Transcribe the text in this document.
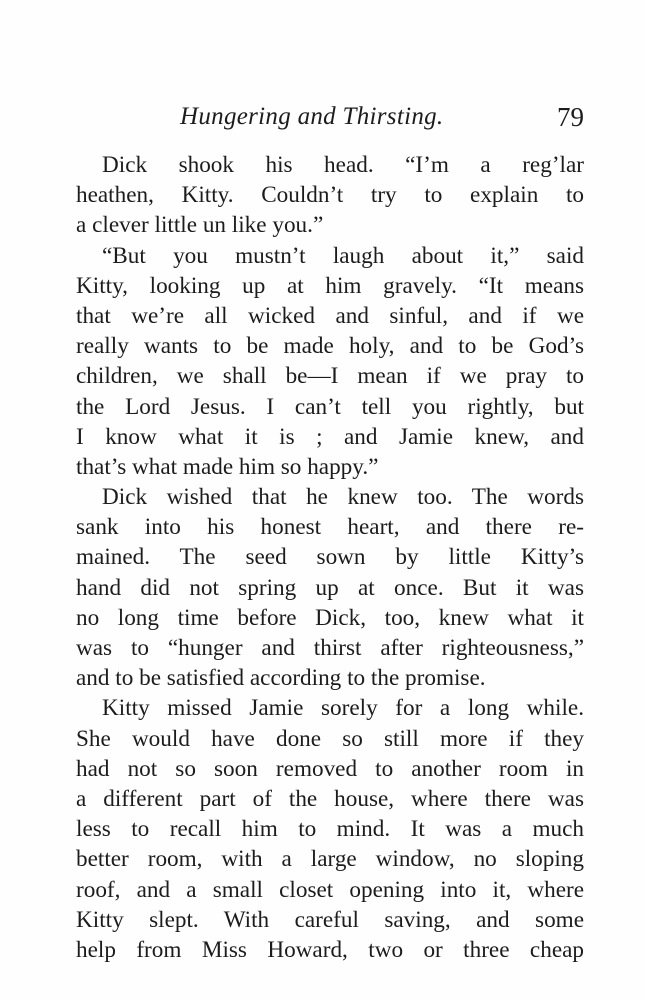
Hungering and Thirsting.	79
Dick shook his head. “I’m a reg’lar
heathen, Kitty. Couldn’t try to explain to
a clever little un like you.”
“But you mustn’t laugh about it,” said
Kitty, looking up at him gravely. “It means
that we’re all wicked and sinful, and if we
really wants to be made holy, and to be God’s
children, we shall be—I mean if we pray to
the Lord Jesus. I can’t tell you rightly, but
I know what it is ; and Jamie knew, and
that’s what made him so happy.”
Dick wished that he knew too. The words
sank into his honest heart, and there re-
mained. The seed sown by little Kitty’s
hand did not spring up at once. But it was
no long time before Dick, too, knew what it
was to “hunger and thirst after righteousness,”
and to be satisfied according to the promise.
Kitty missed Jamie sorely for a long while.
She would have done so still more if they
had not so soon removed to another room in
a different part of the house, where there was
less to recall him to mind. It was a much
better room, with a large window, no sloping
roof, and a small closet opening into it, where
Kitty slept. With careful saving, and some
help from Miss Howard, two or three cheap
